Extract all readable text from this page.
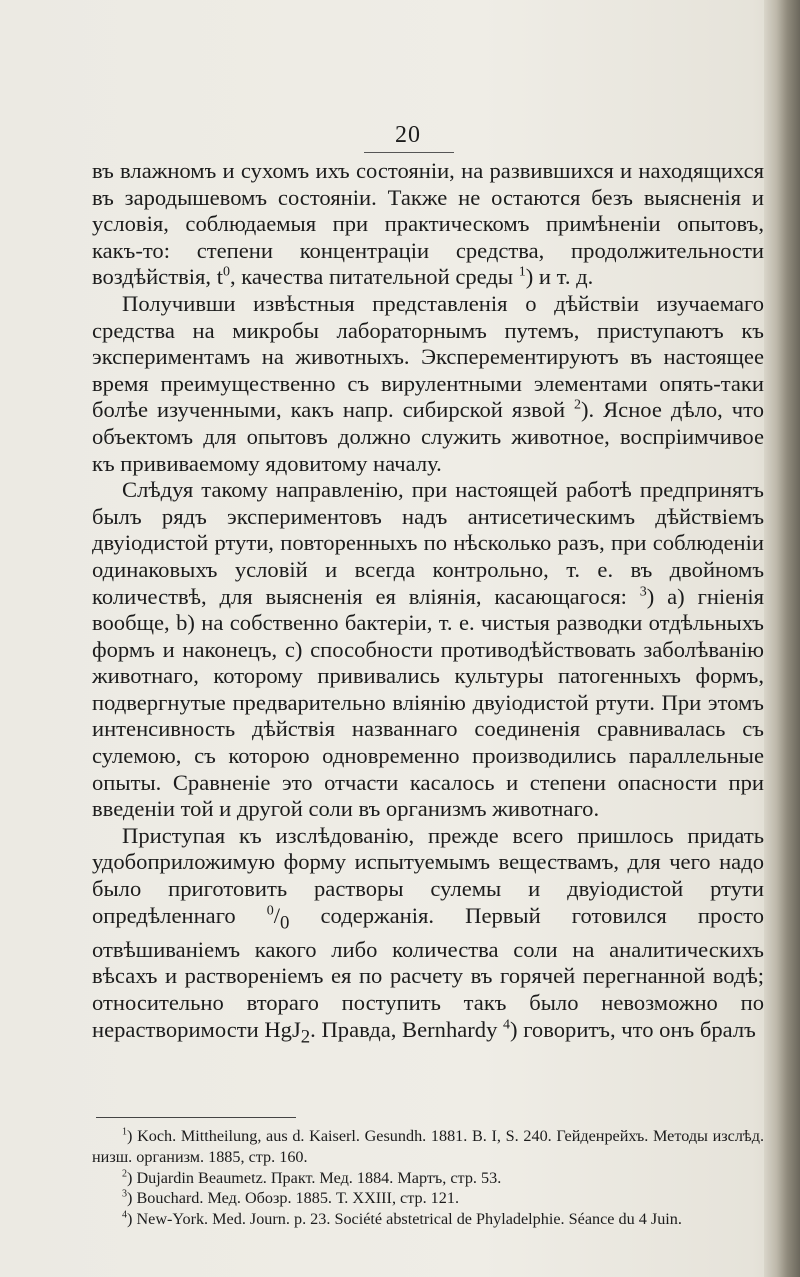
20

въ влажномъ и сухомъ ихъ состояніи, на развившихся и находящихся въ зародышевомъ состояніи. Также не остаются безъ выясненія и условія, соблюдаемыя при практическомъ примѣненіи опытовъ, какъ-то: степени концентраціи средства, продолжительности воздѣйствія, $t^0$, качества питательной среды $^1$) и т. д.

Получивши извѣстныя представленія о дѣйствіи изучаемаго средства на микробы лабораторнымъ путемъ, приступаютъ къ экспериментамъ на животныхъ. Эксперементируютъ въ настоящее время преимущественно съ вирулентными элементами опять-таки болѣе изученными, какъ напр. сибирской язвой $^2$). Ясное дѣло, что объектомъ для опытовъ должно служить животное, воспріимчивое къ прививаемому ядовитому началу.

Слѣдуя такому направленію, при настоящей работѣ предпринятъ былъ рядъ экспериментовъ надъ антисетическимъ дѣйствіемъ двуіодистой ртути, повторенныхъ по нѣсколько разъ, при соблюденіи одинаковыхъ условій и всегда контрольно, т. е. въ двойномъ количествѣ, для выясненія ея вліянія, касающагося: $^3$) а) гніенія вообще, b) на собственно бактеріи, т. е. чистыя разводки отдѣльныхъ формъ и наконецъ, с) способности противодѣйствовать заболѣванію животнаго, которому прививались культуры патогенныхъ формъ, подвергнутые предварительно вліянію двуіодистой ртути. При этомъ интенсивность дѣйствія названнаго соединенія сравнивалась съ сулемою, съ которою одновременно производились параллельные опыты. Сравненіе это отчасти касалось и степени опасности при введеніи той и другой соли въ организмъ животнаго.

Приступая къ изслѣдованію, прежде всего пришлось придать удобоприложимую форму испытуемымъ веществамъ, для чего надо было приготовить растворы сулемы и двуіодистой ртути опредѣленнаго $^0/_0$ содержанія. Первый готовился просто отвѣшиваніемъ какого либо количества соли на аналитическихъ вѣсахъ и раствореніемъ ея по расчету въ горячей перегнанной водѣ; относительно втораго поступить такъ было невозможно по нерастворимости HgJ$_2$. Правда, Bernhardy $^4$) говоритъ, что онъ бралъ

$^1$) Koch. Mittheilung, aus d. Kaiserl. Gesundh. 1881. B. I, S. 240. Гейденрейхъ. Методы изслѣд. низш. организм. 1885, стр. 160.

$^2$) Dujardin Beaumetz. Практ. Мед. 1884. Мартъ, стр. 53.

$^3$) Bouchard. Мед. Обозр. 1885. Т. XXIII, стр. 121.

$^4$) New-York. Med. Journ. p. 23. Société abstetrical de Phyladelphie. Séance du 4 Juin.
